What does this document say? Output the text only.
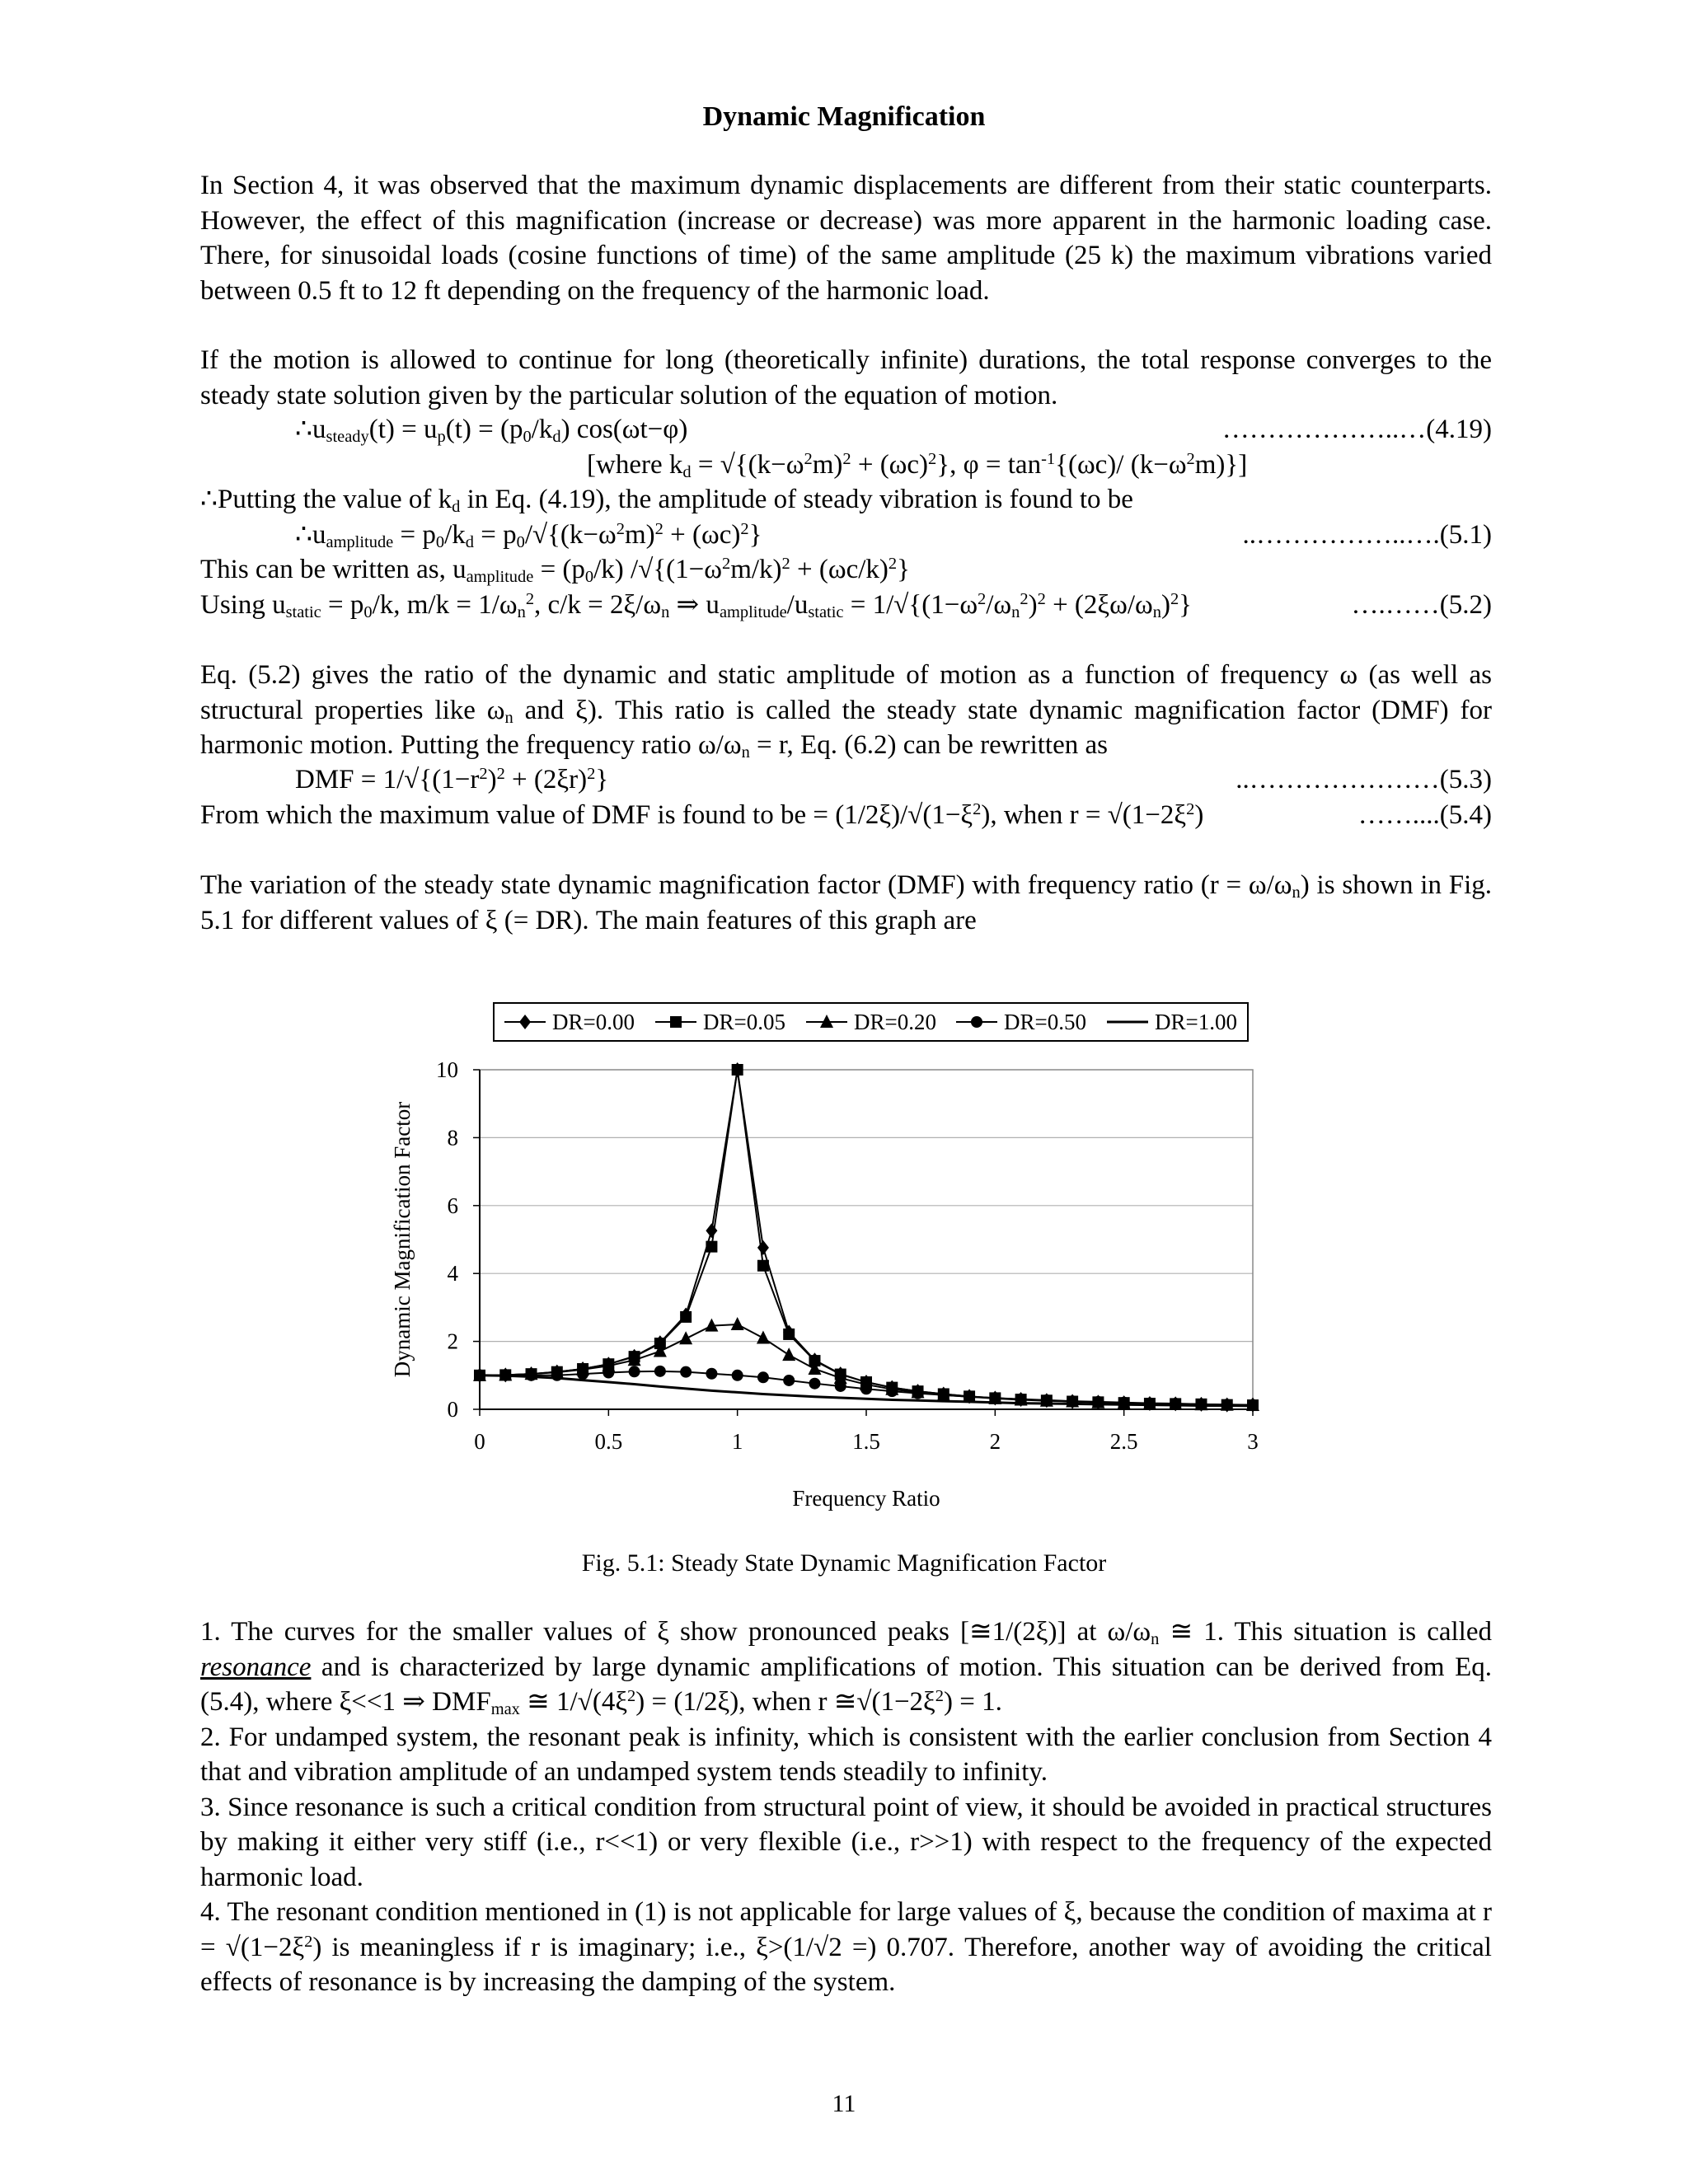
Dynamic Magnification
In Section 4, it was observed that the maximum dynamic displacements are different from their static counterparts. However, the effect of this magnification (increase or decrease) was more apparent in the harmonic loading case. There, for sinusoidal loads (cosine functions of time) of the same amplitude (25 k) the maximum vibrations varied between 0.5 ft to 12 ft depending on the frequency of the harmonic load.
If the motion is allowed to continue for long (theoretically infinite) durations, the total response converges to the steady state solution given by the particular solution of the equation of motion.
$\therefore u_{steady}(t) = u_p(t) = (p_0/k_d)$ cos(ωt−φ)	………………..…(4.19)
[where $k_d = √\{(k-\omega^2m)^2 + (\omega c)^2\}$, $\varphi = \tan^{-1}\{(\omega c)/$ $(k-\omega^2m)$}]
∴Putting the value of $k_d$ in Eq. (4.19), the amplitude of steady vibration is found to be
$\therefore u_{amplitude} = p_0/k_d = p_0/√\{(k-\omega^2m)^2 + (\omega c)^2\}$	..……………..….(5.1)
This can be written as, $u_{amplitude} = (p_0/k) /√\{(1-\omega^2m/k)^2 + (\omega c/k)^2\}$
Using $u_{static} = p_0/k$, $m/k = 1/\omega_n^2$, $c/k = 2\xi/\omega_n$ ⇒ $u_{amplitude}/u_{static} = 1/√\{(1-\omega^2/\omega_n^2)^2 + (2\xi\omega/\omega_n)^2\}$	….……(5.2)
Eq. (5.2) gives the ratio of the dynamic and static amplitude of motion as a function of frequency ω (as well as structural properties like $\omega_n$ and ξ). This ratio is called the steady state dynamic magnification factor (DMF) for harmonic motion. Putting the frequency ratio $\omega/\omega_n = r$, Eq. (6.2) can be rewritten as
DMF = $1/√\{(1-r^2)^2 + (2\xi r)^2\}$	..…………………(5.3)
From which the maximum value of DMF is found to be = $(1/2\xi)/√(1-\xi^2)$, when $r = √(1-2\xi^2)$	……....(5.4)
The variation of the steady state dynamic magnification factor (DMF) with frequency ratio $(r = \omega/\omega_n)$ is shown in Fig. 5.1 for different values of ξ (= DR). The main features of this graph are
DR=0.00	DR=0.05	DR=0.20	DR=0.50	DR=1.00
0
2
4
6
8
10
0	0.5	1	1.5	2	2.5	3
Frequency Ratio
Dynamic Magnification Factor
Fig. 5.1: Steady State Dynamic Magnification Factor

1. The curves for the smaller values of ξ show pronounced peaks [≅1/(2ξ)] at $\omega/\omega_n$ ≅ 1. This situation is called resonance and is characterized by large dynamic amplifications of motion. This situation can be derived from Eq. (5.4), where ξ<<1 ⇒ $DMF_{max}$ ≅ $1/√(4\xi^2) = (1/2\xi)$, when r $≅√(1-2\xi^2) = 1$.

2. For undamped system, the resonant peak is infinity, which is consistent with the earlier conclusion from Section 4 that and vibration amplitude of an undamped system tends steadily to infinity.

3. Since resonance is such a critical condition from structural point of view, it should be avoided in practical structures by making it either very stiff (i.e., r<<1) or very flexible (i.e., r>>1) with respect to the frequency of the expected harmonic load.

4. The resonant condition mentioned in (1) is not applicable for large values of ξ, because the condition of maxima at $r = √(1-2\xi^2)$ is meaningless if r is imaginary; i.e., ξ>(1/√2 =) 0.707. Therefore, another way of avoiding the critical effects of resonance is by increasing the damping of the system.

11
